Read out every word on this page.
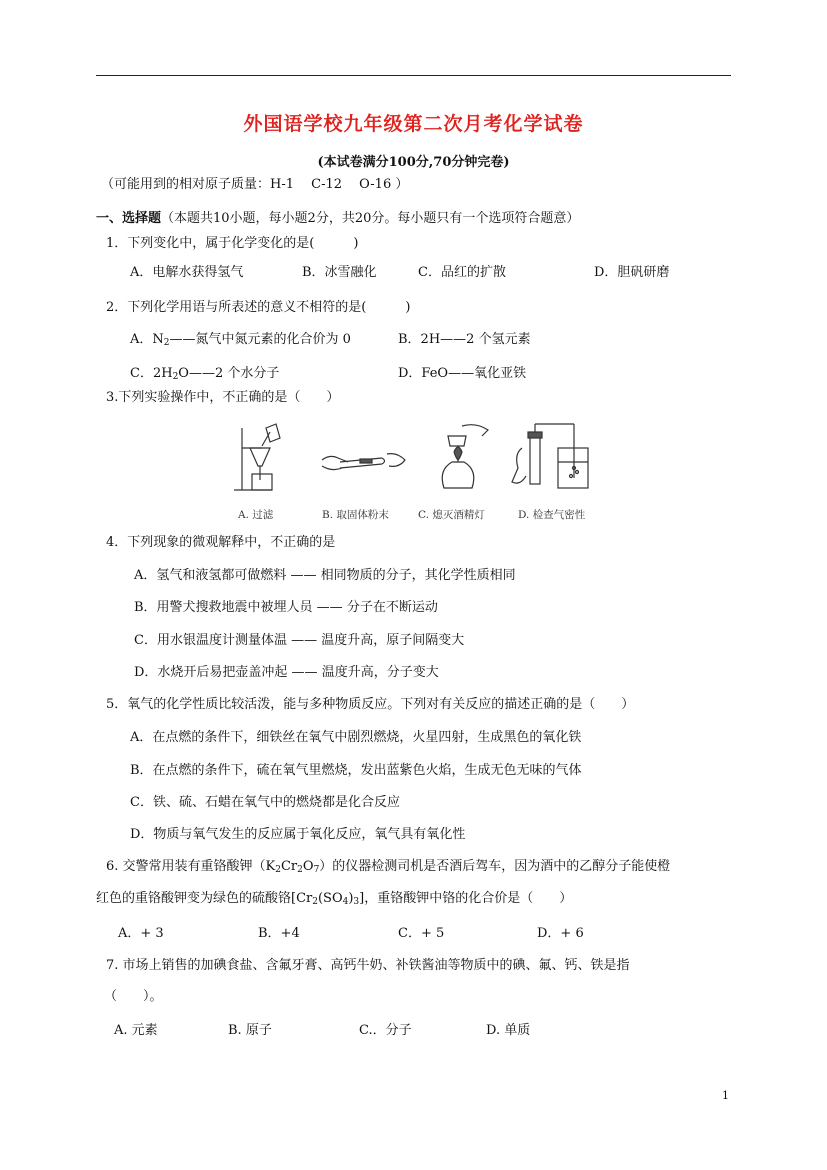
外国语学校九年级第二次月考化学试卷
(本试卷满分100分,70分钟完卷)
（可能用到的相对原子质量：H-1　 C-12　 O-16 ）
一、选择题（本题共10小题，每小题2分，共20分。每小题只有一个选项符合题意）
1．下列变化中，属于化学变化的是(　　　)
A．电解水获得氢气	B．冰雪融化	C．品红的扩散	D．胆矾研磨
2．下列化学用语与所表述的意义不相符的是(　　　)
A．$N_2——$氮气中氮元素的化合价为 0	B．2H——2 个氢元素
C．$2H_2O——2$ 个水分子	D．FeO——氧化亚铁
3.下列实验操作中，不正确的是（　　）
A. 过滤	B. 取固体粉末	C. 熄灭酒精灯	D. 检查气密性
4．下列现象的微观解释中，不正确的是
A．氢气和液氢都可做燃料 —— 相同物质的分子，其化学性质相同
B．用警犬搜救地震中被埋人员 —— 分子在不断运动
C．用水银温度计测量体温 —— 温度升高，原子间隔变大
D．水烧开后易把壶盖冲起 —— 温度升高，分子变大
5．氧气的化学性质比较活泼，能与多种物质反应。下列对有关反应的描述正确的是（　　）
A．在点燃的条件下，细铁丝在氧气中剧烈燃烧，火星四射，生成黑色的氧化铁
B．在点燃的条件下，硫在氧气里燃烧，发出蓝紫色火焰，生成无色无味的气体
C．铁、硫、石蜡在氧气中的燃烧都是化合反应
D．物质与氧气发生的反应属于氧化反应，氧气具有氧化性
6. 交警常用装有重铬酸钾$(K_2Cr_2O_7)$的仪器检测司机是否酒后驾车，因为酒中的乙醇分子能使橙
红色的重铬酸钾变为绿色的硫酸铬$[Cr_2(SO_4)_3]$，重铬酸钾中铬的化合价是（　　）
A．+ 3	B．+4	C．+ 5	D．+ 6
7. 市场上销售的加碘食盐、含氟牙膏、高钙牛奶、补铁酱油等物质中的碘、氟、钙、铁是指
（　　）。
A. 元素	B. 原子	C.．分子	D. 单质
1
